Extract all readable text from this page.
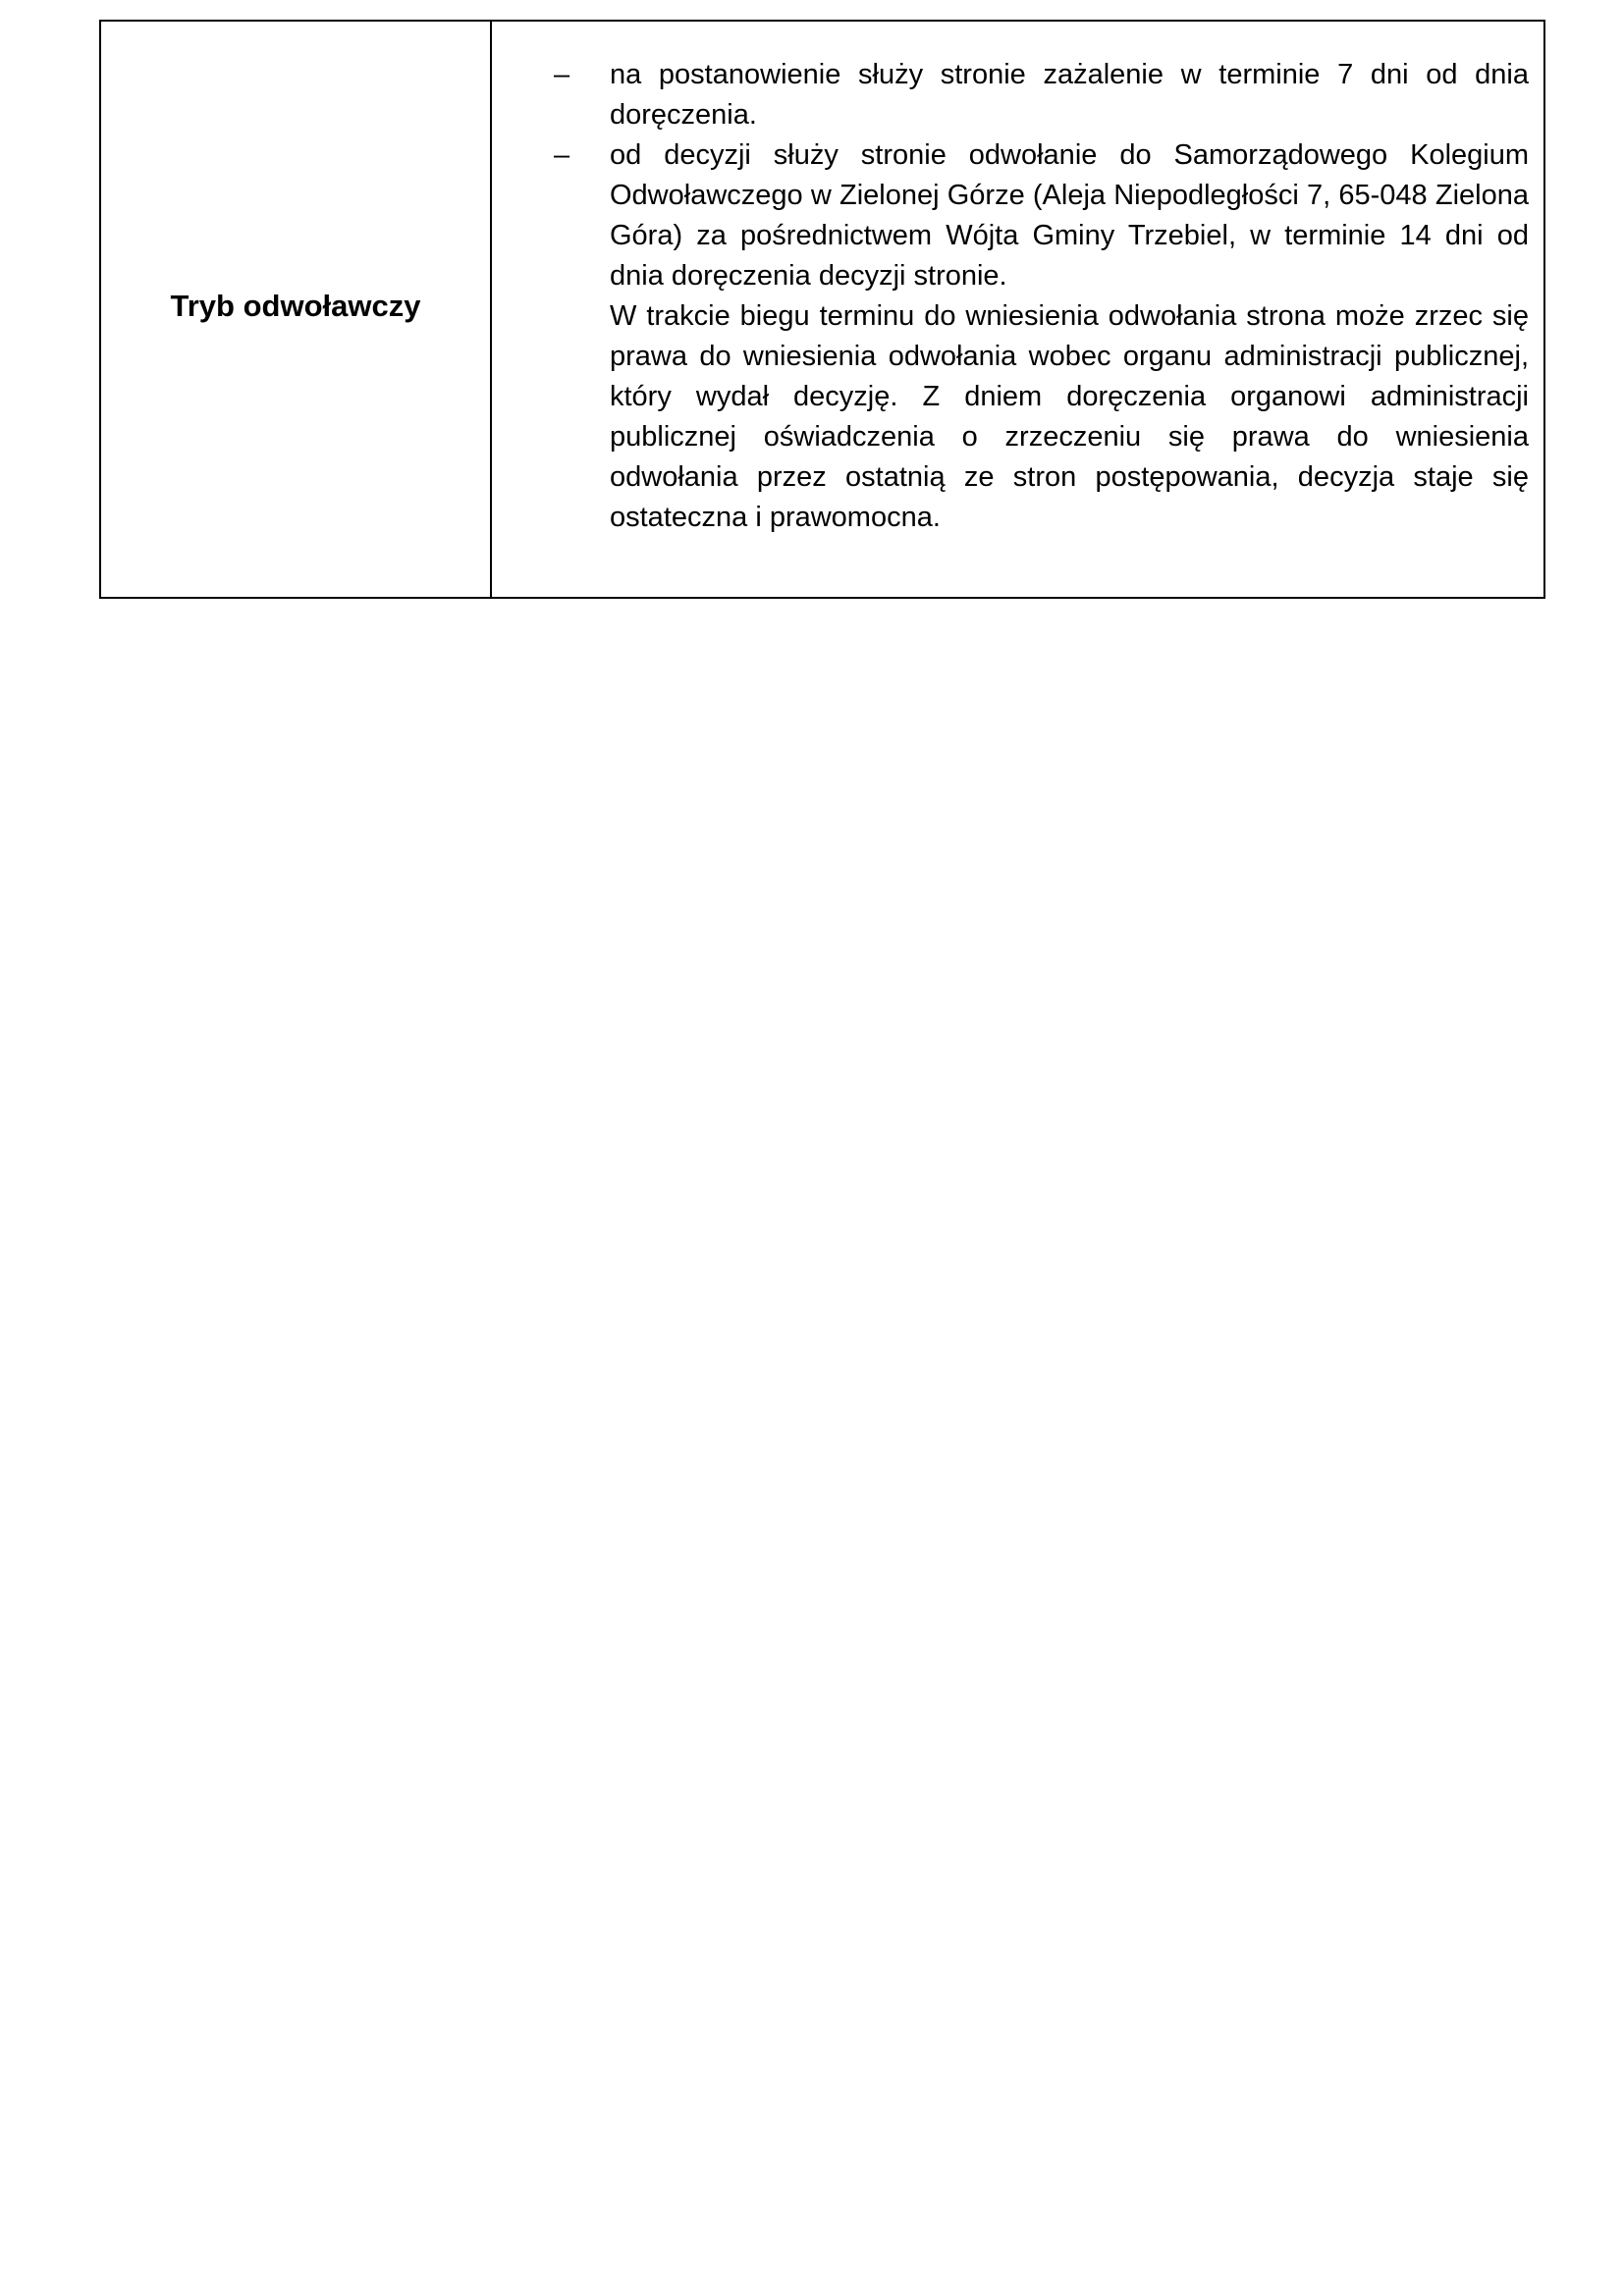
Tryb odwoławczy	
– na postanowienie służy stronie zażalenie w terminie 7 dni od dnia doręczenia.
– od decyzji służy stronie odwołanie do Samorządowego Kolegium Odwoławczego w Zielonej Górze (Aleja Niepodległości 7, 65-048 Zielona Góra) za pośrednictwem Wójta Gminy Trzebiel, w terminie 14 dni od dnia doręczenia decyzji stronie.

W trakcie biegu terminu do wniesienia odwołania strona może zrzec się prawa do wniesienia odwołania wobec organu administracji publicznej, który wydał decyzję. Z dniem doręczenia organowi administracji publicznej oświadczenia o zrzeczeniu się prawa do wniesienia odwołania przez ostatnią ze stron postępowania, decyzja staje się ostateczna i prawomocna.
